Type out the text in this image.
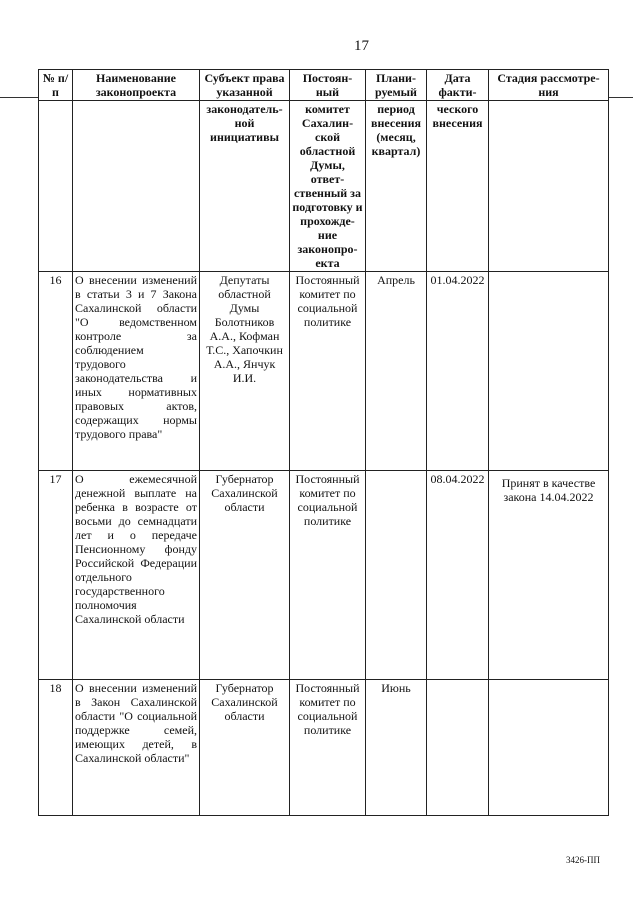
17
№ п/п	Наименование законопроекта	Субъект права указанной	Постоян-ный	Плани-руемый	Дата факти-	Стадия рассмотре-ния
		законодатель-ной инициативы	комитет Сахалин-ской областной Думы, ответ-ственный за подготовку и прохожде-ние законопро-екта	период внесения (месяц, квартал)	ческого внесения	
16	О внесении изменений в статьи 3 и 7 Закона Сахалинской области "О ведомственном контроле за соблюдением трудового законодательства и иных нормативных правовых актов, содержащих нормы трудового права"	Депутаты областной Думы Болотников А.А., Кофман Т.С., Хапочкин А.А., Янчук И.И.	Постоянный комитет по социальной политике	Апрель	01.04.2022	
17	О ежемесячной денежной выплате на ребенка в возрасте от восьми до семнадцати лет и о передаче Пенсионному фонду Российской Федерации отдельного государственного полномочия Сахалинской области	Губернатор Сахалинской области	Постоянный комитет по социальной политике		08.04.2022	Принят в качестве закона 14.04.2022
18	О внесении изменений в Закон Сахалинской области "О социальной поддержке семей, имеющих детей, в Сахалинской области"	Губернатор Сахалинской области	Постоянный комитет по социальной политике	Июнь		
3426-ПП
